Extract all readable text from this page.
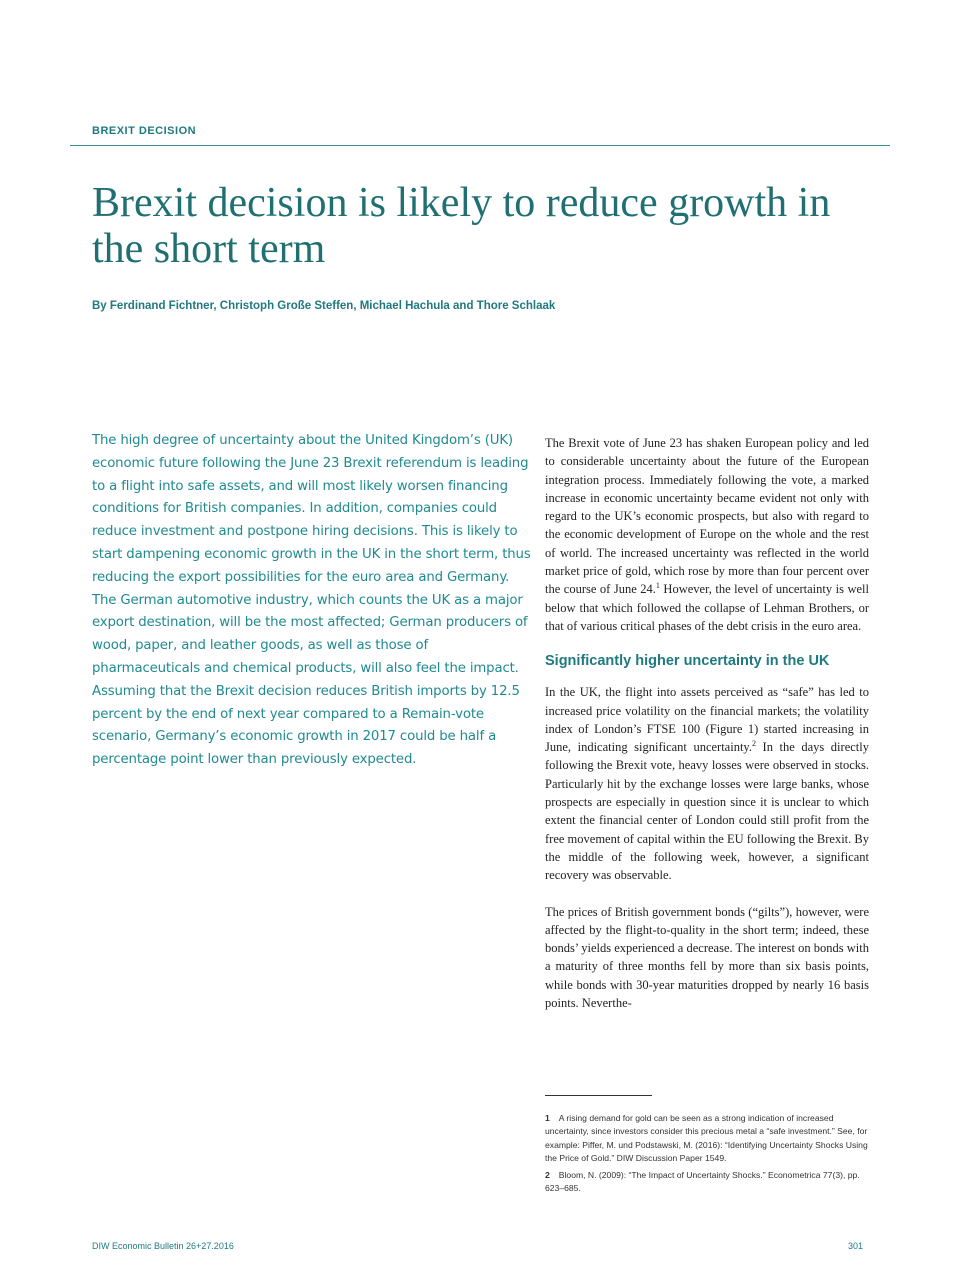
BREXIT DECISION

Brexit decision is likely to reduce growth in the short term

By Ferdinand Fichtner, Christoph Große Steffen, Michael Hachula and Thore Schlaak

The high degree of uncertainty about the United Kingdom’s (UK) economic future following the June 23 Brexit referendum is leading to a flight into safe assets, and will most likely worsen financing conditions for British companies. In addition, companies could reduce investment and postpone hiring decisions. This is likely to start dampening economic growth in the UK in the short term, thus reducing the export possibilities for the euro area and Germany. The German automotive industry, which counts the UK as a major export destination, will be the most affected; German producers of wood, paper, and leather goods, as well as those of pharmaceuticals and chemical products, will also feel the impact. Assuming that the Brexit decision reduces British imports by 12.5 percent by the end of next year compared to a Remain-vote scenario, Germany’s economic growth in 2017 could be half a percentage point lower than previously expected.

The Brexit vote of June 23 has shaken European policy and led to considerable uncertainty about the future of the European integration process. Immediately following the vote, a marked increase in economic uncertainty became evident not only with regard to the UK’s economic prospects, but also with regard to the economic development of Europe on the whole and the rest of world. The increased uncertainty was reflected in the world market price of gold, which rose by more than four percent over the course of June 24.$^1$ However, the level of uncertainty is well below that which followed the collapse of Lehman Brothers, or that of various critical phases of the debt crisis in the euro area.

Significantly higher uncertainty in the UK

In the UK, the flight into assets perceived as “safe” has led to increased price volatility on the financial markets; the volatility index of London’s FTSE 100 (Figure 1) started increasing in June, indicating significant uncertainty.$^2$ In the days directly following the Brexit vote, heavy losses were observed in stocks. Particularly hit by the exchange losses were large banks, whose prospects are especially in question since it is unclear to which extent the financial center of London could still profit from the free movement of capital within the EU following the Brexit. By the middle of the following week, however, a significant recovery was observable.

The prices of British government bonds (“gilts”), however, were affected by the flight-to-quality in the short term; indeed, these bonds’ yields experienced a decrease. The interest on bonds with a maturity of three months fell by more than six basis points, while bonds with 30-year maturities dropped by nearly 16 basis points. Neverthe-

1 A rising demand for gold can be seen as a strong indication of increased uncertainty, since investors consider this precious metal a “safe investment.” See, for example: Piffer, M. und Podstawski, M. (2016): “Identifying Uncertainty Shocks Using the Price of Gold.” DIW Discussion Paper 1549.

2 Bloom, N. (2009): “The Impact of Uncertainty Shocks.” Econometrica 77(3), pp. 623–685.

DIW Economic Bulletin 26+27.2016	301
